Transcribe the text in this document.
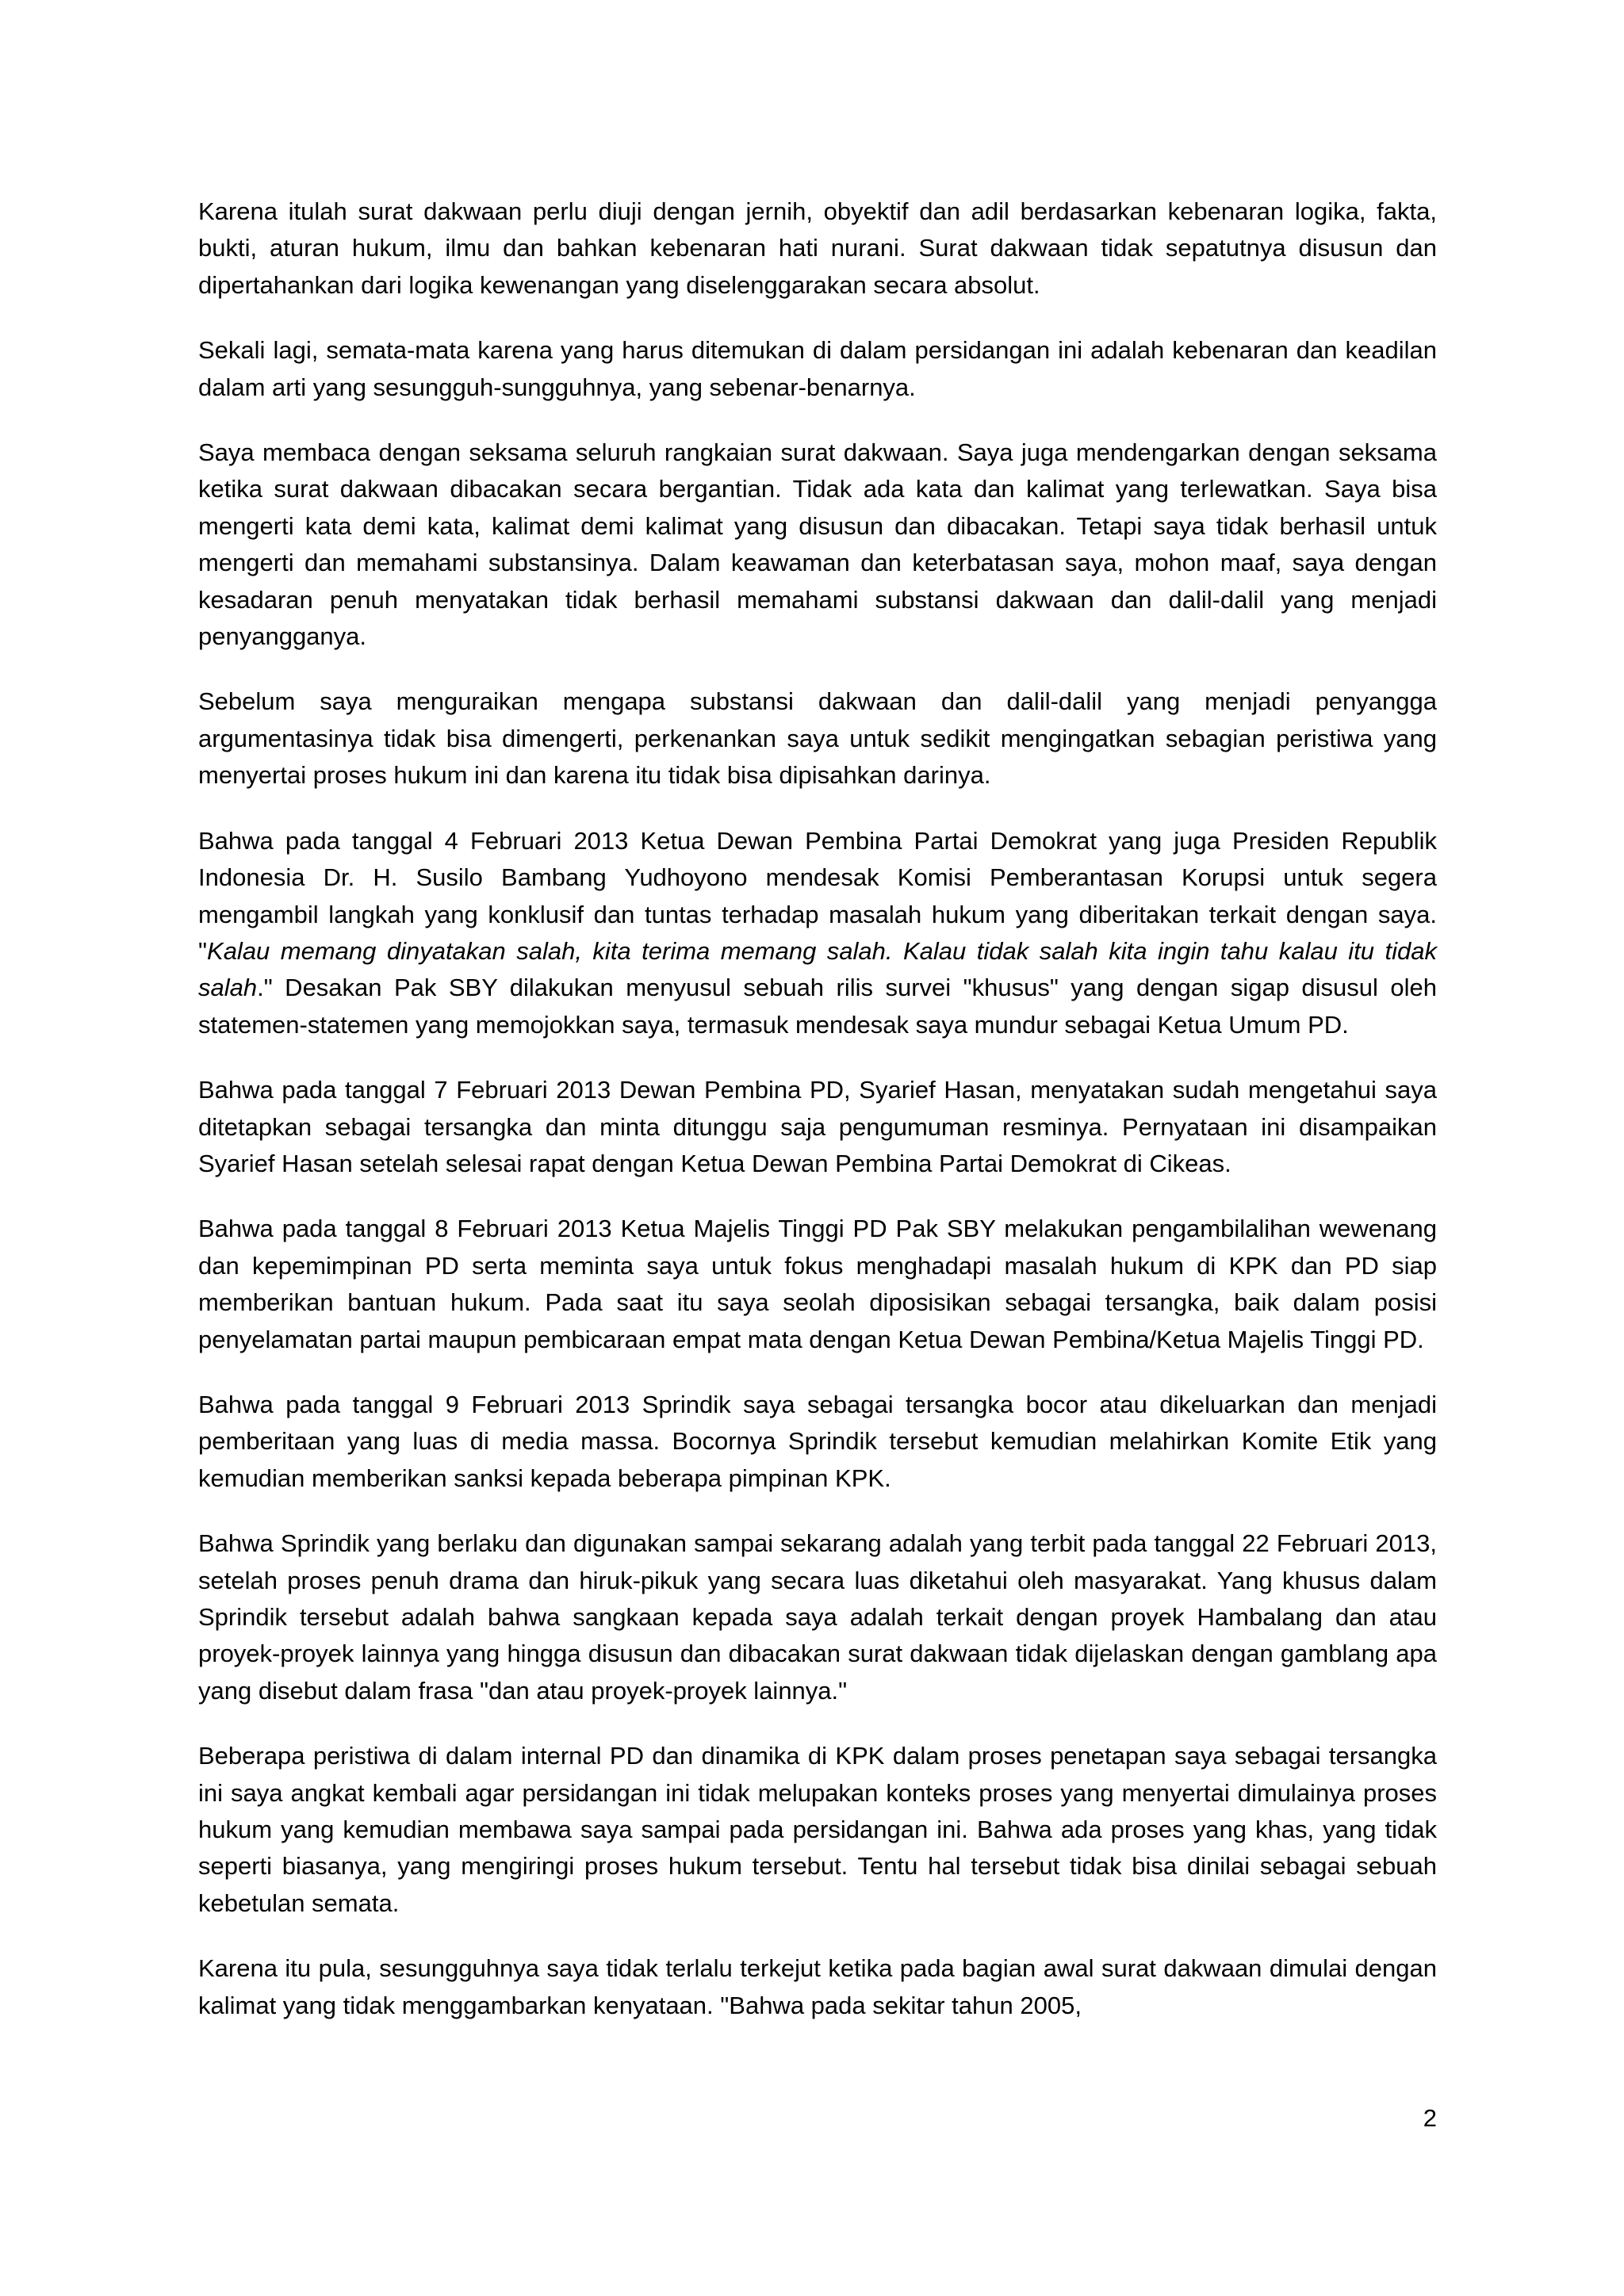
Karena itulah surat dakwaan perlu diuji dengan jernih, obyektif dan adil berdasarkan kebenaran logika, fakta, bukti, aturan hukum, ilmu dan bahkan kebenaran hati nurani. Surat dakwaan tidak sepatutnya disusun dan dipertahankan dari logika kewenangan yang diselenggarakan secara absolut.

Sekali lagi, semata-mata karena yang harus ditemukan di dalam persidangan ini adalah kebenaran dan keadilan dalam arti yang sesungguh-sungguhnya, yang sebenar-benarnya.

Saya membaca dengan seksama seluruh rangkaian surat dakwaan. Saya juga mendengarkan dengan seksama ketika surat dakwaan dibacakan secara bergantian. Tidak ada kata dan kalimat yang terlewatkan. Saya bisa mengerti kata demi kata, kalimat demi kalimat yang disusun dan dibacakan. Tetapi saya tidak berhasil untuk mengerti dan memahami substansinya. Dalam keawaman dan keterbatasan saya, mohon maaf, saya dengan kesadaran penuh menyatakan tidak berhasil memahami substansi dakwaan dan dalil-dalil yang menjadi penyangganya.

Sebelum saya menguraikan mengapa substansi dakwaan dan dalil-dalil yang menjadi penyangga argumentasinya tidak bisa dimengerti, perkenankan saya untuk sedikit mengingatkan sebagian peristiwa yang menyertai proses hukum ini dan karena itu tidak bisa dipisahkan darinya.

Bahwa pada tanggal 4 Februari 2013 Ketua Dewan Pembina Partai Demokrat yang juga Presiden Republik Indonesia Dr. H. Susilo Bambang Yudhoyono mendesak Komisi Pemberantasan Korupsi untuk segera mengambil langkah yang konklusif dan tuntas terhadap masalah hukum yang diberitakan terkait dengan saya. "Kalau memang dinyatakan salah, kita terima memang salah. Kalau tidak salah kita ingin tahu kalau itu tidak salah." Desakan Pak SBY dilakukan menyusul sebuah rilis survei "khusus" yang dengan sigap disusul oleh statemen-statemen yang memojokkan saya, termasuk mendesak saya mundur sebagai Ketua Umum PD.

Bahwa pada tanggal 7 Februari 2013 Dewan Pembina PD, Syarief Hasan, menyatakan sudah mengetahui saya ditetapkan sebagai tersangka dan minta ditunggu saja pengumuman resminya. Pernyataan ini disampaikan Syarief Hasan setelah selesai rapat dengan Ketua Dewan Pembina Partai Demokrat di Cikeas.

Bahwa pada tanggal 8 Februari 2013 Ketua Majelis Tinggi PD Pak SBY melakukan pengambilalihan wewenang dan kepemimpinan PD serta meminta saya untuk fokus menghadapi masalah hukum di KPK dan PD siap memberikan bantuan hukum. Pada saat itu saya seolah diposisikan sebagai tersangka, baik dalam posisi penyelamatan partai maupun pembicaraan empat mata dengan Ketua Dewan Pembina/Ketua Majelis Tinggi PD.

Bahwa pada tanggal 9 Februari 2013 Sprindik saya sebagai tersangka bocor atau dikeluarkan dan menjadi pemberitaan yang luas di media massa. Bocornya Sprindik tersebut kemudian melahirkan Komite Etik yang kemudian memberikan sanksi kepada beberapa pimpinan KPK.

Bahwa Sprindik yang berlaku dan digunakan sampai sekarang adalah yang terbit pada tanggal 22 Februari 2013, setelah proses penuh drama dan hiruk-pikuk yang secara luas diketahui oleh masyarakat. Yang khusus dalam Sprindik tersebut adalah bahwa sangkaan kepada saya adalah terkait dengan proyek Hambalang dan atau proyek-proyek lainnya yang hingga disusun dan dibacakan surat dakwaan tidak dijelaskan dengan gamblang apa yang disebut dalam frasa "dan atau proyek-proyek lainnya."

Beberapa peristiwa di dalam internal PD dan dinamika di KPK dalam proses penetapan saya sebagai tersangka ini saya angkat kembali agar persidangan ini tidak melupakan konteks proses yang menyertai dimulainya proses hukum yang kemudian membawa saya sampai pada persidangan ini. Bahwa ada proses yang khas, yang tidak seperti biasanya, yang mengiringi proses hukum tersebut. Tentu hal tersebut tidak bisa dinilai sebagai sebuah kebetulan semata.

Karena itu pula, sesungguhnya saya tidak terlalu terkejut ketika pada bagian awal surat dakwaan dimulai dengan kalimat yang tidak menggambarkan kenyataan. "Bahwa pada sekitar tahun 2005,

2
